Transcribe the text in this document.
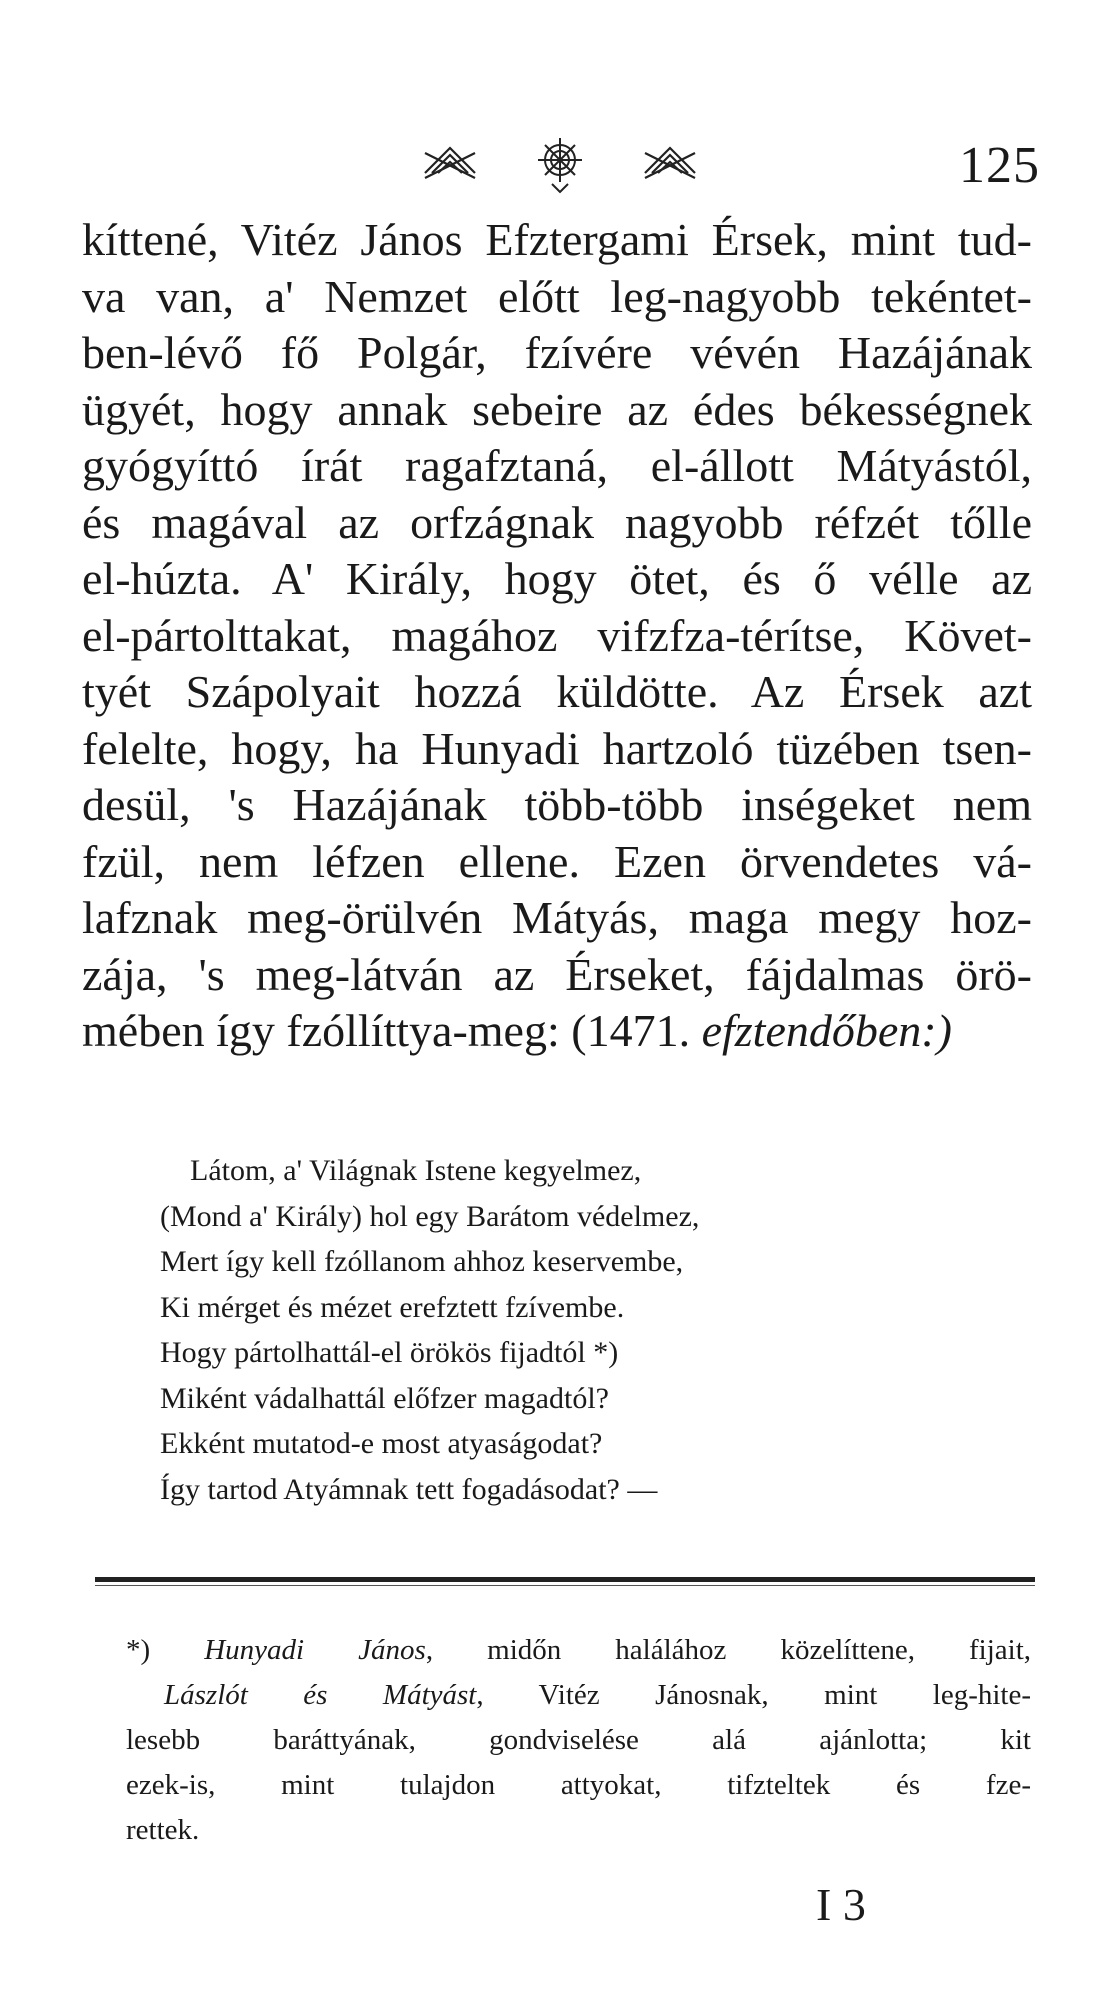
125
kíttené, Vitéz János Efztergami Érsek, mint tud-
va van, a' Nemzet előtt leg-nagyobb tekéntet-
ben-lévő fő Polgár, fzívére vévén Hazájának
ügyét, hogy annak sebeire az édes békességnek
gyógyíttó írát ragafztaná, el-állott Mátyástól,
és magával az orfzágnak nagyobb réfzét tőlle
el-húzta. A' Király, hogy ötet, és ő vélle az
el-pártolttakat, magához vifzfza-térítse, Követ-
tyét Szápolyait hozzá küldötte. Az Érsek azt
felelte, hogy, ha Hunyadi hartzoló tüzében tsen-
desül, 's Hazájának több-több inségeket nem
fzül, nem léfzen ellene. Ezen örvendetes vá-
lafznak meg-örülvén Mátyás, maga megy hoz-
zája, 's meg-látván az Érseket, fájdalmas örö-
mében így fzóllíttya-meg: (1471. efztendőben:)
Látom, a' Világnak Istene kegyelmez,
(Mond a' Király) hol egy Barátom védelmez,
Mert így kell fzóllanom ahhoz keservembe,
Ki mérget és mézet erefztett fzívembe.
Hogy pártolhattál-el örökös fijadtól *)
Miként vádalhattál előfzer magadtól?
Ekként mutatod-e most atyaságodat?
Így tartod Atyámnak tett fogadásodat? —
*) Hunyadi János, midőn halálához közelíttene, fijait,
Lászlót és Mátyást, Vitéz Jánosnak, mint leg-hite-
lesebb baráttyának, gondviselése alá ajánlotta; kit
ezek-is, mint tulajdon attyokat, tifzteltek és fze-
rettek.
I 3
